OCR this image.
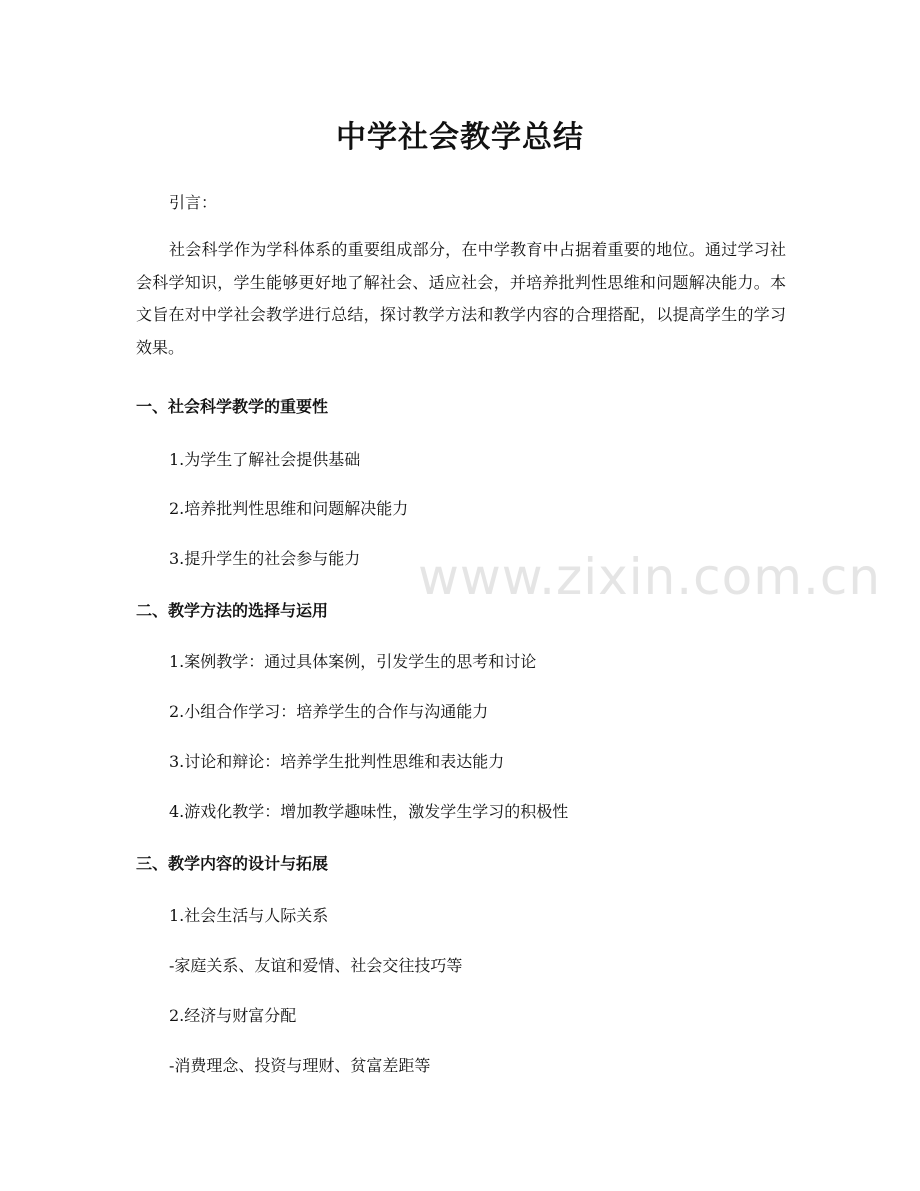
中学社会教学总结

引言：

社会科学作为学科体系的重要组成部分，在中学教育中占据着重要的地位。通过学习社会科学知识，学生能够更好地了解社会、适应社会，并培养批判性思维和问题解决能力。本文旨在对中学社会教学进行总结，探讨教学方法和教学内容的合理搭配，以提高学生的学习效果。

一、社会科学教学的重要性

1.为学生了解社会提供基础

2.培养批判性思维和问题解决能力

3.提升学生的社会参与能力

二、教学方法的选择与运用

1.案例教学：通过具体案例，引发学生的思考和讨论

2.小组合作学习：培养学生的合作与沟通能力

3.讨论和辩论：培养学生批判性思维和表达能力

4.游戏化教学：增加教学趣味性，激发学生学习的积极性

三、教学内容的设计与拓展

1.社会生活与人际关系

-家庭关系、友谊和爱情、社会交往技巧等

2.经济与财富分配

-消费理念、投资与理财、贫富差距等

www.zixin.com.cn
